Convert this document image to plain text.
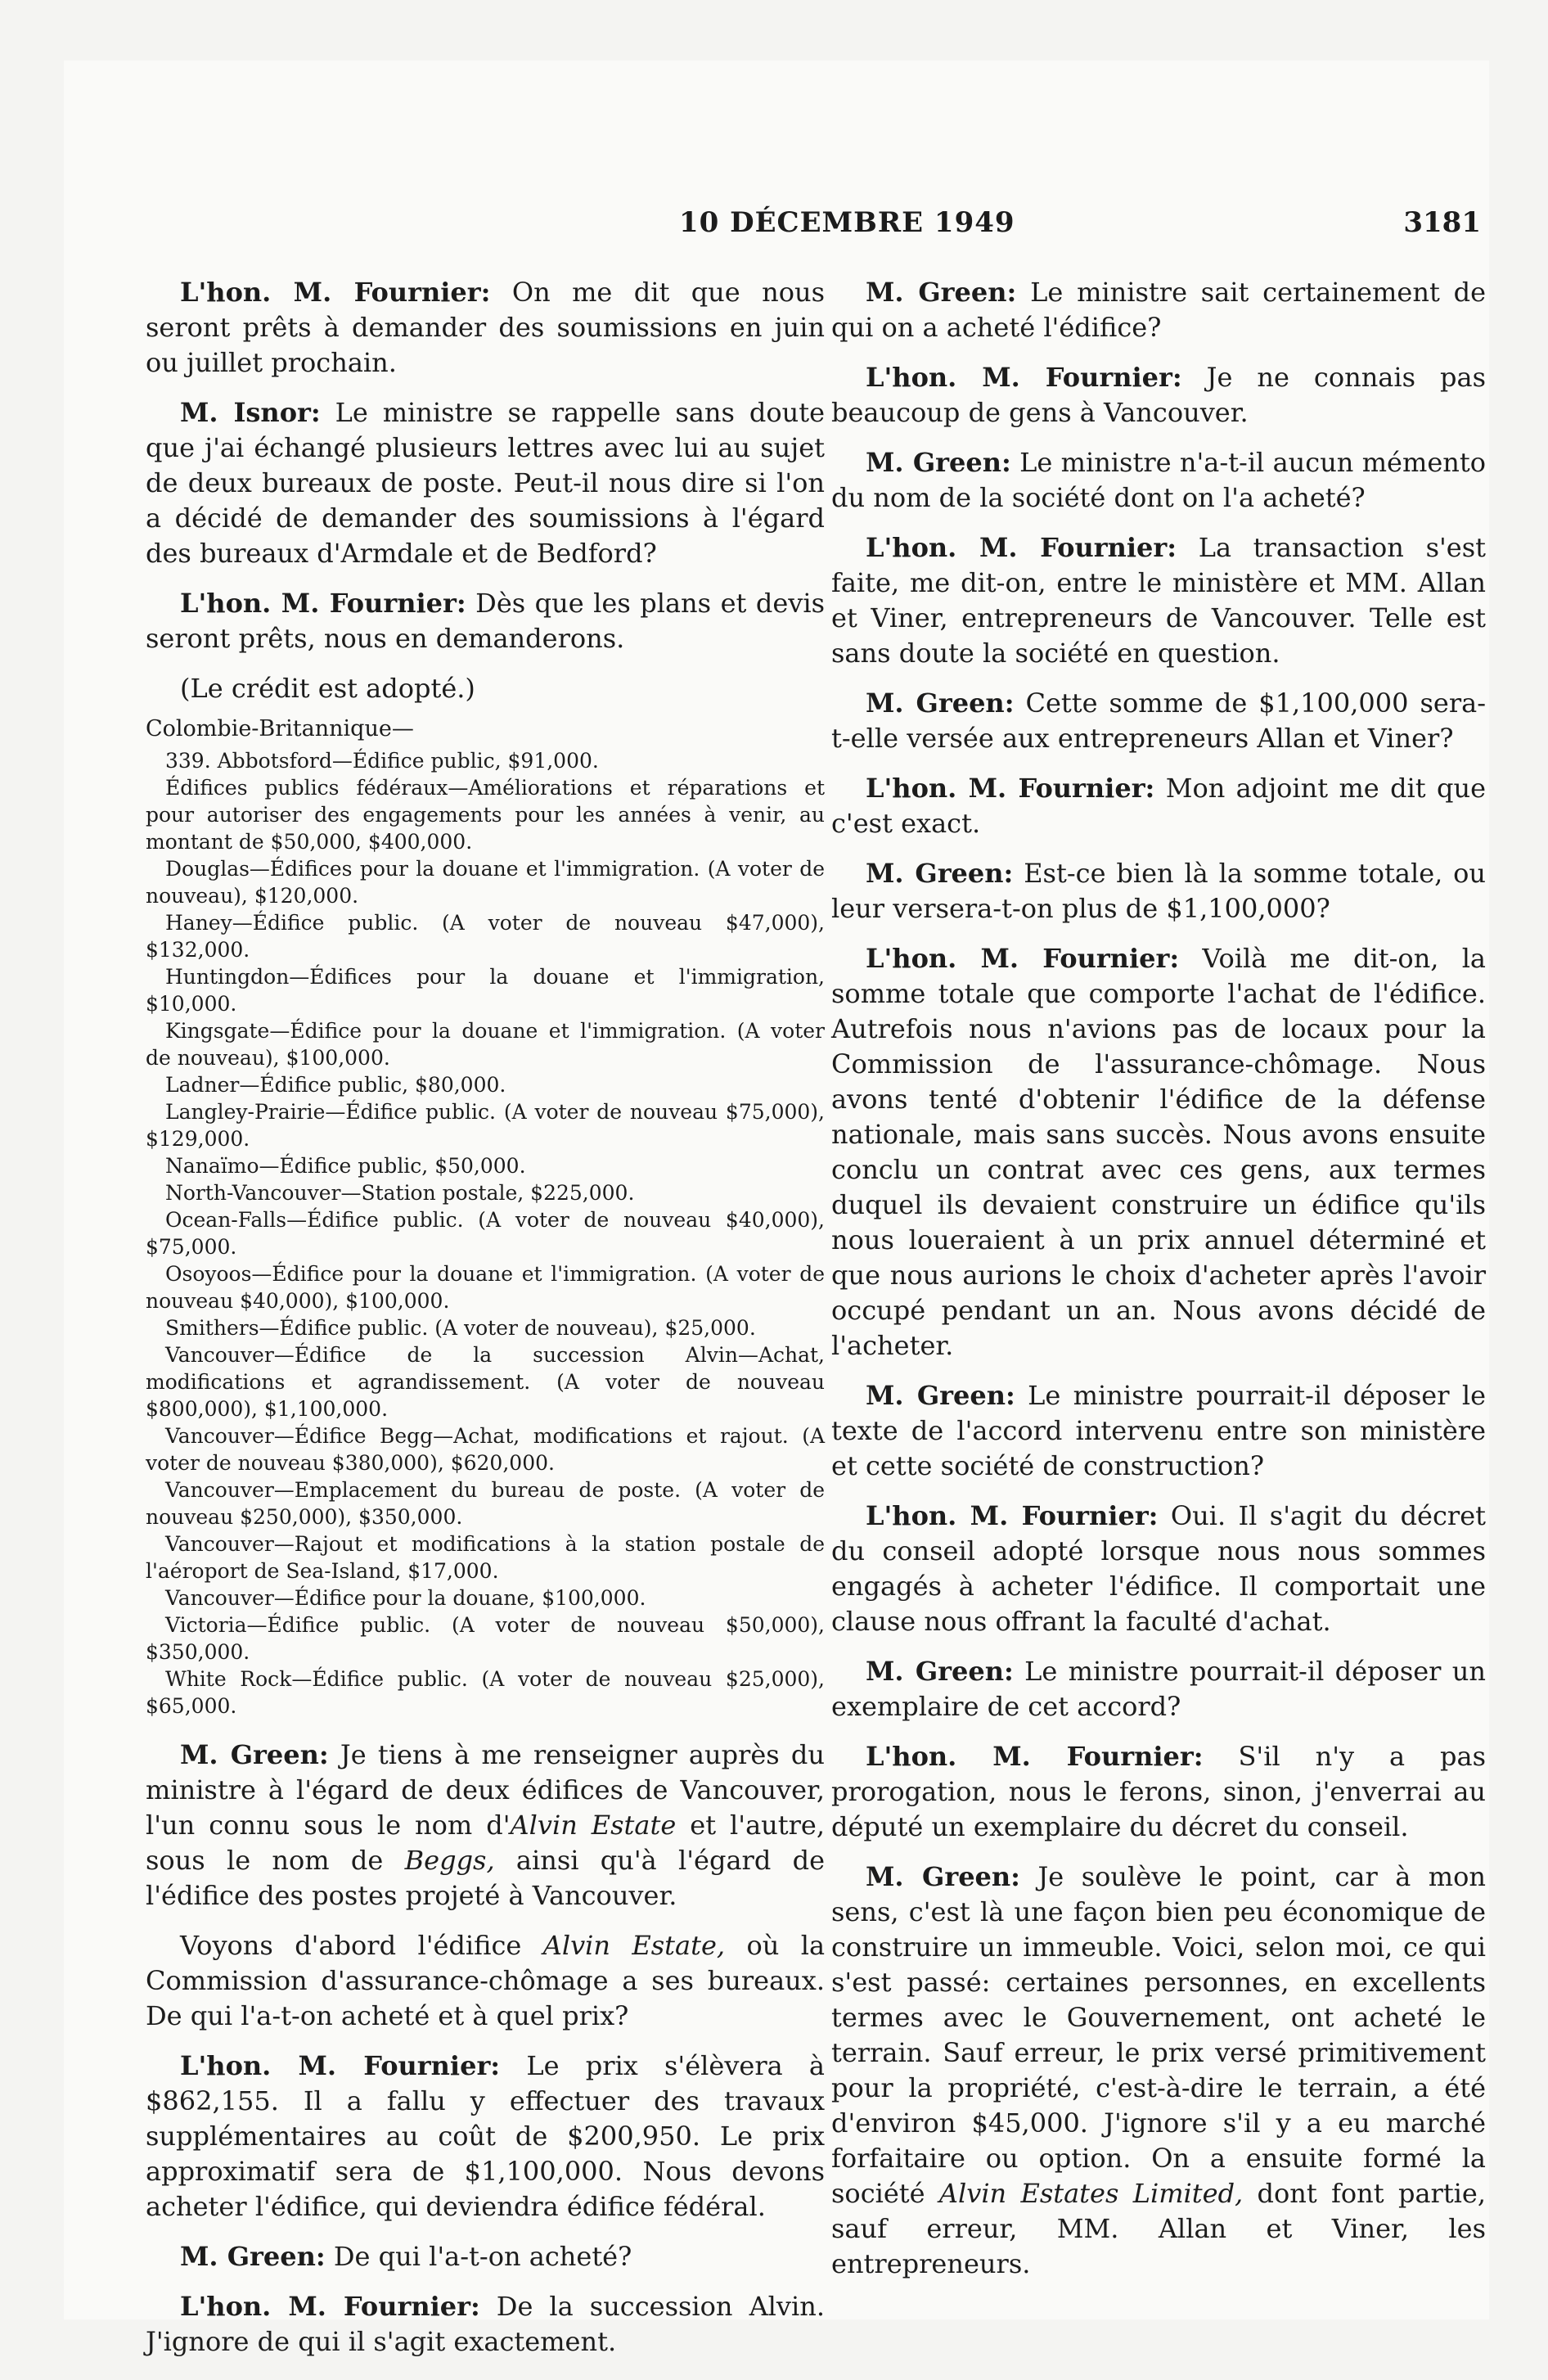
10 DÉCEMBRE 1949	3181

L'hon. M. Fournier: On me dit que nous seront prêts à demander des soumissions en juin ou juillet prochain.

M. Isnor: Le ministre se rappelle sans doute que j'ai échangé plusieurs lettres avec lui au sujet de deux bureaux de poste. Peut-il nous dire si l'on a décidé de demander des soumissions à l'égard des bureaux d'Armdale et de Bedford?

L'hon. M. Fournier: Dès que les plans et devis seront prêts, nous en demanderons.

(Le crédit est adopté.)

Colombie-Britannique—

339. Abbotsford—Édifice public, $91,000.

Édifices publics fédéraux—Améliorations et réparations et pour autoriser des engagements pour les années à venir, au montant de $50,000, $400,000.

Douglas—Édifices pour la douane et l'immigration. (A voter de nouveau), $120,000.

Haney—Édifice public. (A voter de nouveau $47,000), $132,000.

Huntingdon—Édifices pour la douane et l'immigration, $10,000.

Kingsgate—Édifice pour la douane et l'immigration. (A voter de nouveau), $100,000.

Ladner—Édifice public, $80,000.

Langley-Prairie—Édifice public. (A voter de nouveau $75,000), $129,000.

Nanaïmo—Édifice public, $50,000.

North-Vancouver—Station postale, $225,000.

Ocean-Falls—Édifice public. (A voter de nouveau $40,000), $75,000.

Osoyoos—Édifice pour la douane et l'immigration. (A voter de nouveau $40,000), $100,000.

Smithers—Édifice public. (A voter de nouveau), $25,000.

Vancouver—Édifice de la succession Alvin—Achat, modifications et agrandissement. (A voter de nouveau $800,000), $1,100,000.

Vancouver—Édifice Begg—Achat, modifications et rajout. (A voter de nouveau $380,000), $620,000.

Vancouver—Emplacement du bureau de poste. (A voter de nouveau $250,000), $350,000.

Vancouver—Rajout et modifications à la station postale de l'aéroport de Sea-Island, $17,000.

Vancouver—Édifice pour la douane, $100,000.

Victoria—Édifice public. (A voter de nouveau $50,000), $350,000.

White Rock—Édifice public. (A voter de nouveau $25,000), $65,000.

M. Green: Je tiens à me renseigner auprès du ministre à l'égard de deux édifices de Vancouver, l'un connu sous le nom d'Alvin Estate et l'autre, sous le nom de Beggs, ainsi qu'à l'égard de l'édifice des postes projeté à Vancouver.

Voyons d'abord l'édifice Alvin Estate, où la Commission d'assurance-chômage a ses bureaux. De qui l'a-t-on acheté et à quel prix?

L'hon. M. Fournier: Le prix s'élèvera à $862,155. Il a fallu y effectuer des travaux supplémentaires au coût de $200,950. Le prix approximatif sera de $1,100,000. Nous devons acheter l'édifice, qui deviendra édifice fédéral.

M. Green: De qui l'a-t-on acheté?

L'hon. M. Fournier: De la succession Alvin. J'ignore de qui il s'agit exactement.

M. Green: Le ministre sait certainement de qui on a acheté l'édifice?

L'hon. M. Fournier: Je ne connais pas beaucoup de gens à Vancouver.

M. Green: Le ministre n'a-t-il aucun mémento du nom de la société dont on l'a acheté?

L'hon. M. Fournier: La transaction s'est faite, me dit-on, entre le ministère et MM. Allan et Viner, entrepreneurs de Vancouver. Telle est sans doute la société en question.

M. Green: Cette somme de $1,100,000 sera-t-elle versée aux entrepreneurs Allan et Viner?

L'hon. M. Fournier: Mon adjoint me dit que c'est exact.

M. Green: Est-ce bien là la somme totale, ou leur versera-t-on plus de $1,100,000?

L'hon. M. Fournier: Voilà me dit-on, la somme totale que comporte l'achat de l'édifice. Autrefois nous n'avions pas de locaux pour la Commission de l'assurance-chômage. Nous avons tenté d'obtenir l'édifice de la défense nationale, mais sans succès. Nous avons ensuite conclu un contrat avec ces gens, aux termes duquel ils devaient construire un édifice qu'ils nous loueraient à un prix annuel déterminé et que nous aurions le choix d'acheter après l'avoir occupé pendant un an. Nous avons décidé de l'acheter.

M. Green: Le ministre pourrait-il déposer le texte de l'accord intervenu entre son ministère et cette société de construction?

L'hon. M. Fournier: Oui. Il s'agit du décret du conseil adopté lorsque nous nous sommes engagés à acheter l'édifice. Il comportait une clause nous offrant la faculté d'achat.

M. Green: Le ministre pourrait-il déposer un exemplaire de cet accord?

L'hon. M. Fournier: S'il n'y a pas prorogation, nous le ferons, sinon, j'enverrai au député un exemplaire du décret du conseil.

M. Green: Je soulève le point, car à mon sens, c'est là une façon bien peu économique de construire un immeuble. Voici, selon moi, ce qui s'est passé: certaines personnes, en excellents termes avec le Gouvernement, ont acheté le terrain. Sauf erreur, le prix versé primitivement pour la propriété, c'est-à-dire le terrain, a été d'environ $45,000. J'ignore s'il y a eu marché forfaitaire ou option. On a ensuite formé la société Alvin Estates Limited, dont font partie, sauf erreur, MM. Allan et Viner, les entrepreneurs.
